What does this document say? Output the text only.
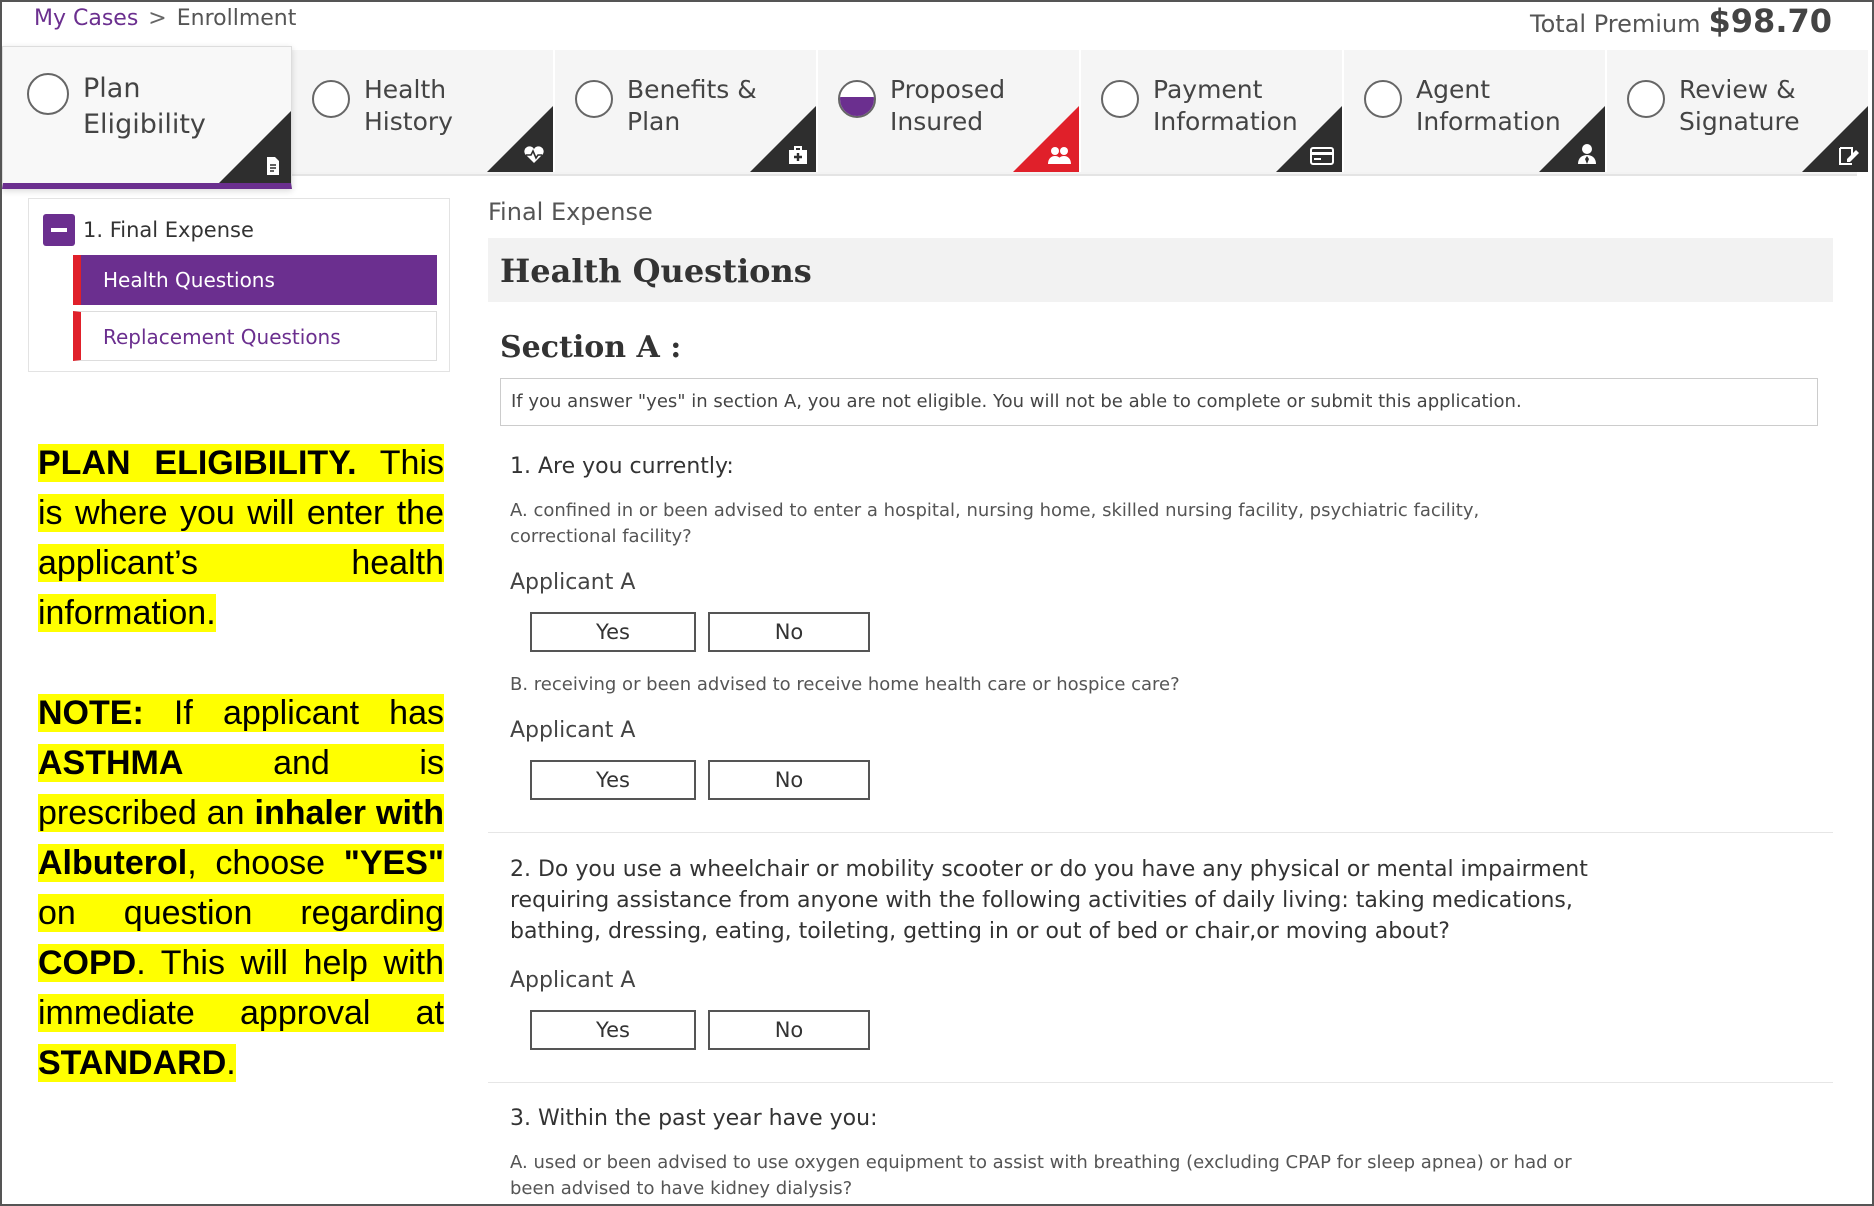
My Cases > Enrollment	Total Premium $98.70
Plan
Eligibility
Health
History
Benefits &
Plan
Proposed
Insured
Payment
Information
Agent
Information
Review &
Signature
1. Final Expense
Health Questions
Replacement Questions

PLAN ELIGIBILITY. This is where you will enter the applicant’s health information.

NOTE: If applicant has ASTHMA and is prescribed an inhaler with Albuterol, choose "YES" on question regarding COPD. This will help with immediate approval at STANDARD.

Final Expense
Health Questions
Section A :
If you answer "yes" in section A, you are not eligible. You will not be able to complete or submit this application.
1. Are you currently:
A. confined in or been advised to enter a hospital, nursing home, skilled nursing facility, psychiatric facility, correctional facility?
Applicant A
Yes	No
B. receiving or been advised to receive home health care or hospice care?
Applicant A
Yes	No
2. Do you use a wheelchair or mobility scooter or do you have any physical or mental impairment requiring assistance from anyone with the following activities of daily living: taking medications, bathing, dressing, eating, toileting, getting in or out of bed or chair,or moving about?
Applicant A
Yes	No
3. Within the past year have you:
A. used or been advised to use oxygen equipment to assist with breathing (excluding CPAP for sleep apnea) or had or been advised to have kidney dialysis?
